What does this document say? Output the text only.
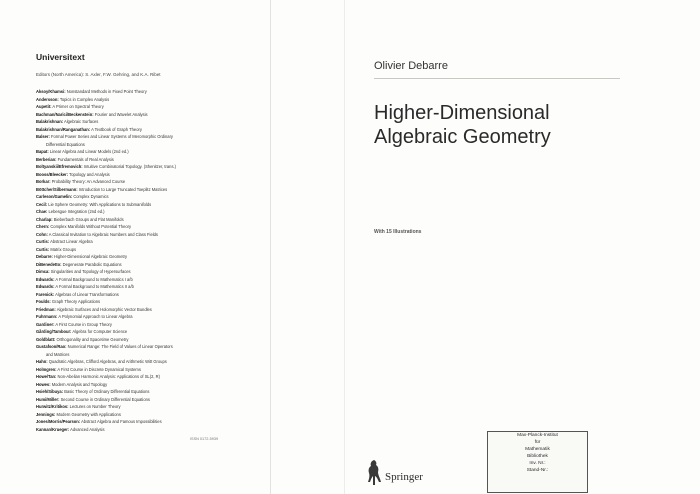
Universitext
Editors (North America): S. Axler, F.W. Gehring, and K.A. Ribet
Aksoy/Khamsi: Nonstandard Methods in Fixed Point Theory
Andersson: Topics in Complex Analysis
Aupetit: A Primer on Spectral Theory
Bachman/Narici/Beckenstein: Fourier and Wavelet Analysis
Balakrishnan: Algebraic Surfaces
Balakrishnan/Ranganathan: A Textbook of Graph Theory
Balser: Formal Power Series and Linear Systems of Meromorphic Ordinary
Differential Equations
Bapat: Linear Algebra and Linear Models (2nd ed.)
Berberian: Fundamentals of Real Analysis
Boltyanskii/Efremovich: Intuitive Combinatorial Topology. (Shenitzer, trans.)
Booss/Bleecker: Topology and Analysis
Borkar: Probability Theory: An Advanced Course
Böttcher/Silbermann: Introduction to Large Truncated Toeplitz Matrices
Carleson/Gamelin: Complex Dynamics
Cecil: Lie Sphere Geometry: With Applications to Submanifolds
Chae: Lebesgue Integration (2nd ed.)
Charlap: Bieberbach Groups and Flat Manifolds
Chern: Complex Manifolds Without Potential Theory
Cohn: A Classical Invitation to Algebraic Numbers and Class Fields
Curtis: Abstract Linear Algebra
Curtis: Matrix Groups
Debarre: Higher-Dimensional Algebraic Geometry
DiBenedetto: Degenerate Parabolic Equations
Dimca: Singularities and Topology of Hypersurfaces
Edwards: A Formal Background to Mathematics I a/b
Edwards: A Formal Background to Mathematics II a/b
Farenick: Algebras of Linear Transformations
Foulds: Graph Theory Applications
Friedman: Algebraic Surfaces and Holomorphic Vector Bundles
Fuhrmann: A Polynomial Approach to Linear Algebra
Gardiner: A First Course in Group Theory
Gårding/Tambour: Algebra for Computer Science
Goldblatt: Orthogonality and Spacetime Geometry
Gustafson/Rao: Numerical Range: The Field of Values of Linear Operators
and Matrices
Hahn: Quadratic Algebras, Clifford Algebras, and Arithmetic Witt Groups
Holmgren: A First Course in Discrete Dynamical Systems
Howe/Tan: Non-Abelian Harmonic Analysis: Applications of SL(2, R)
Howes: Modern Analysis and Topology
Hsieh/Sibuya: Basic Theory of Ordinary Differential Equations
Humi/Miller: Second Course in Ordinary Differential Equations
Hurwitz/Kritikos: Lectures on Number Theory
Jennings: Modern Geometry with Applications
Jones/Morris/Pearson: Abstract Algebra and Famous Impossibilities
Kannan/Krueger: Advanced Analysis
ISSN 0172-5939
Olivier Debarre
Higher-Dimensional
Algebraic Geometry
With 15 Illustrations
Max-Planck-Institut
für
Mathematik
Bibliothek
Inv. Nr.:
Stand-Nr.:
Springer
